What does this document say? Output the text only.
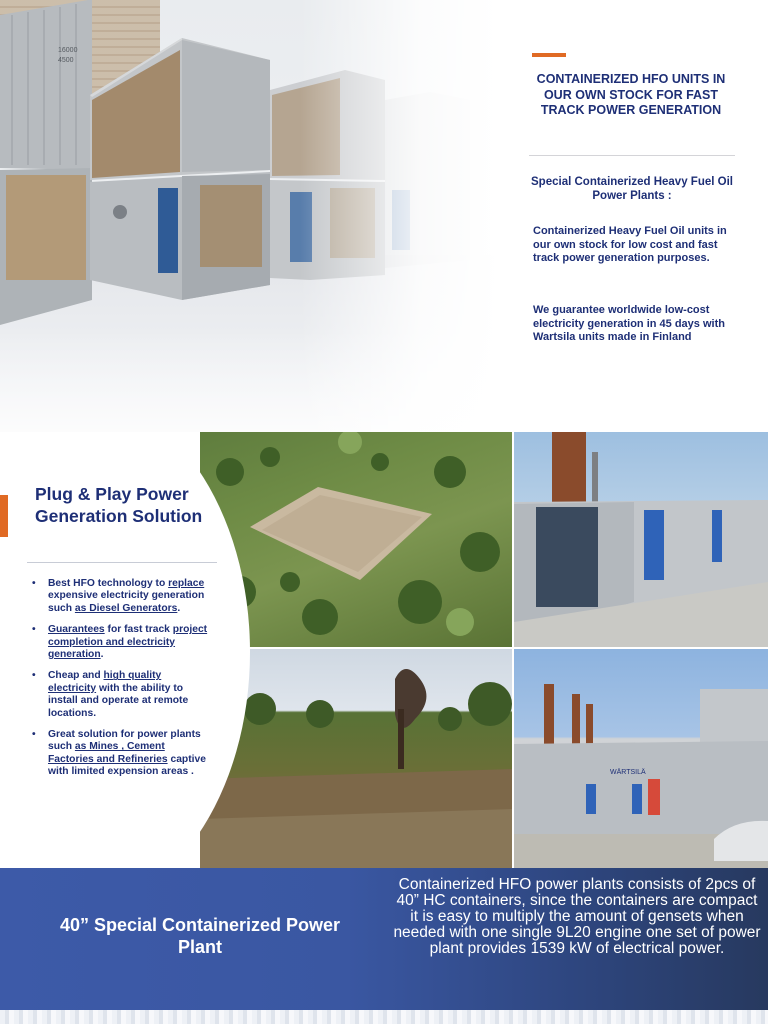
16000
4500
CONTAINERIZED HFO UNITS IN OUR OWN STOCK FOR FAST TRACK POWER GENERATION

Special Containerized Heavy Fuel Oil Power Plants :

Containerized Heavy Fuel Oil units in our own stock for low cost and fast track power generation purposes.

We guarantee worldwide low-cost electricity generation in 45 days with Wartsila units made in Finland

WÄRTSILÄ
Plug & Play Power Generation Solution
• Best HFO technology to replace expensive electricity generation such as Diesel Generators.
• Guarantees for fast track project completion and electricity generation.
• Cheap and high quality electricity with the ability to install and operate at remote locations.
• Great solution for power plants such as Mines , Cement Factories and Refineries captive with limited expension areas .
40” Special Containerized Power Plant

Containerized HFO power plants consists of 2pcs of 40” HC containers, since the containers are compact it is easy to multiply the amount of gensets when needed with one single 9L20 engine one set of power plant provides 1539 kW of electrical power.
